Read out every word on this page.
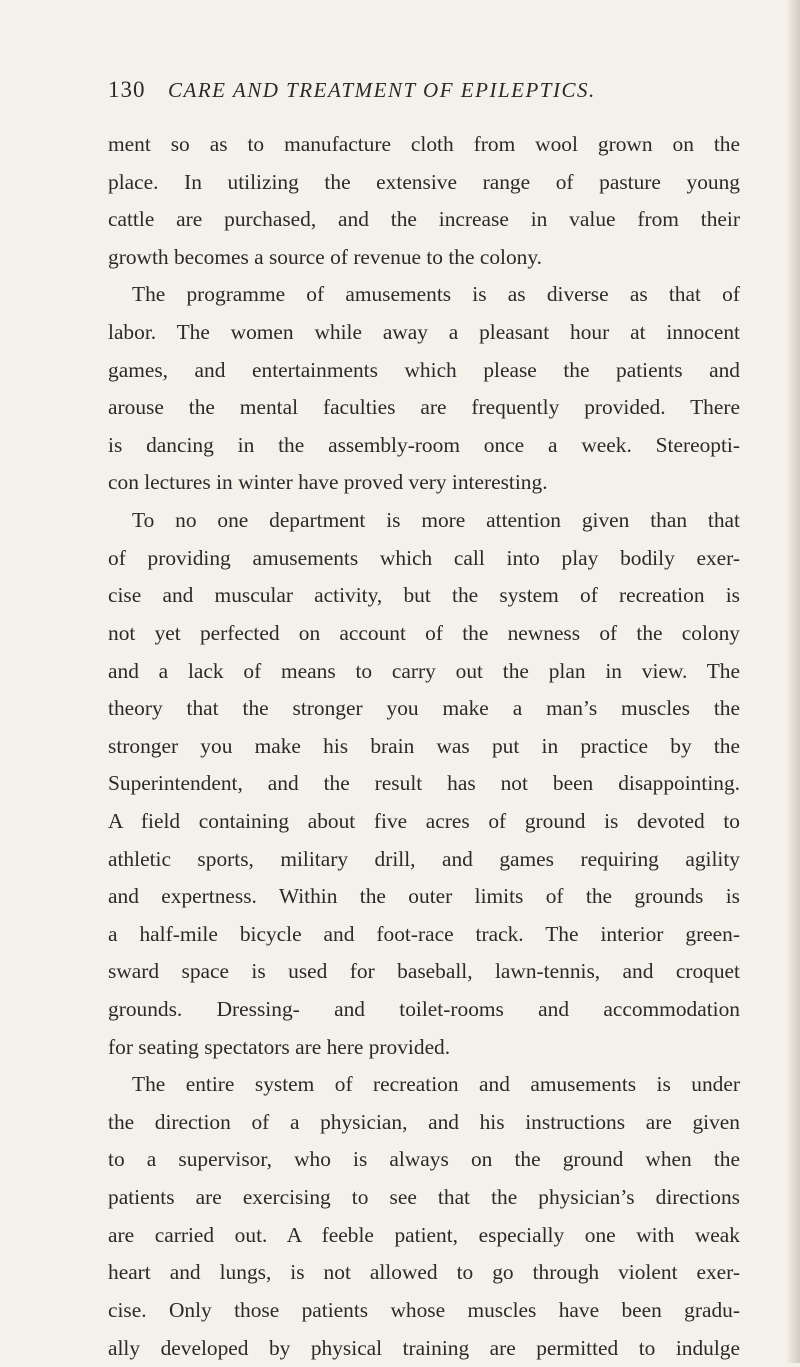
130 CARE AND TREATMENT OF EPILEPTICS.
ment so as to manufacture cloth from wool grown on the
place. In utilizing the extensive range of pasture young
cattle are purchased, and the increase in value from their
growth becomes a source of revenue to the colony.
The programme of amusements is as diverse as that of
labor. The women while away a pleasant hour at innocent
games, and entertainments which please the patients and
arouse the mental faculties are frequently provided. There
is dancing in the assembly-room once a week. Stereopti-
con lectures in winter have proved very interesting.
To no one department is more attention given than that
of providing amusements which call into play bodily exer-
cise and muscular activity, but the system of recreation is
not yet perfected on account of the newness of the colony
and a lack of means to carry out the plan in view. The
theory that the stronger you make a man’s muscles the
stronger you make his brain was put in practice by the
Superintendent, and the result has not been disappointing.
A field containing about five acres of ground is devoted to
athletic sports, military drill, and games requiring agility
and expertness. Within the outer limits of the grounds is
a half-mile bicycle and foot-race track. The interior green-
sward space is used for baseball, lawn-tennis, and croquet
grounds. Dressing- and toilet-rooms and accommodation
for seating spectators are here provided.
The entire system of recreation and amusements is under
the direction of a physician, and his instructions are given
to a supervisor, who is always on the ground when the
patients are exercising to see that the physician’s directions
are carried out. A feeble patient, especially one with weak
heart and lungs, is not allowed to go through violent exer-
cise. Only those patients whose muscles have been gradu-
ally developed by physical training are permitted to indulge
